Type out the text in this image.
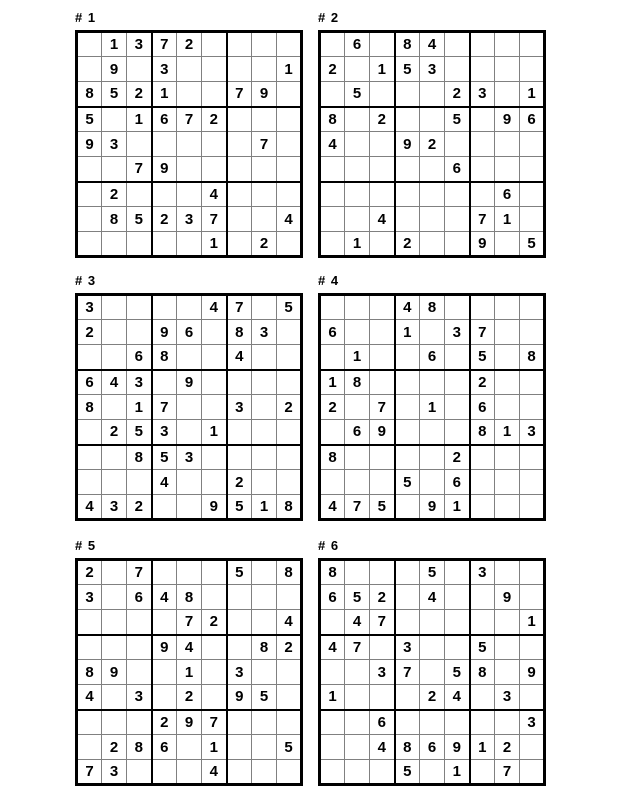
# 1
	1	3	7	2				
	9		3					1
8	5	2	1			7	9	
5		1	6	7	2			
9	3						7	
		7	9					
	2				4			
	8	5	2	3	7			4
					1		2	
# 2
	6		8	4				
2		1	5	3				
	5				2	3		1
8		2			5		9	6
4			9	2				
					6			
							6	
		4				7	1	
	1		2			9		5
# 3
3					4	7		5
2			9	6		8	3	
		6	8			4		
6	4	3		9				
8		1	7			3		2
	2	5	3		1			
		8	5	3				
			4			2		
4	3	2			9	5	1	8
# 4
			4	8				
6			1		3	7		
	1			6		5		8
1	8					2		
2		7		1		6		
	6	9				8	1	3
8					2			
			5		6			
4	7	5		9	1			
# 5
2		7				5		8
3		6	4	8				
				7	2			4
			9	4			8	2
8	9			1		3		
4		3		2		9	5	
			2	9	7			
	2	8	6		1			5
7	3				4			
# 6
8				5		3		
6	5	2		4			9	
	4	7						1
4	7		3			5		
		3	7		5	8		9
1				2	4		3	
		6						3
		4	8	6	9	1	2	
			5		1		7	
